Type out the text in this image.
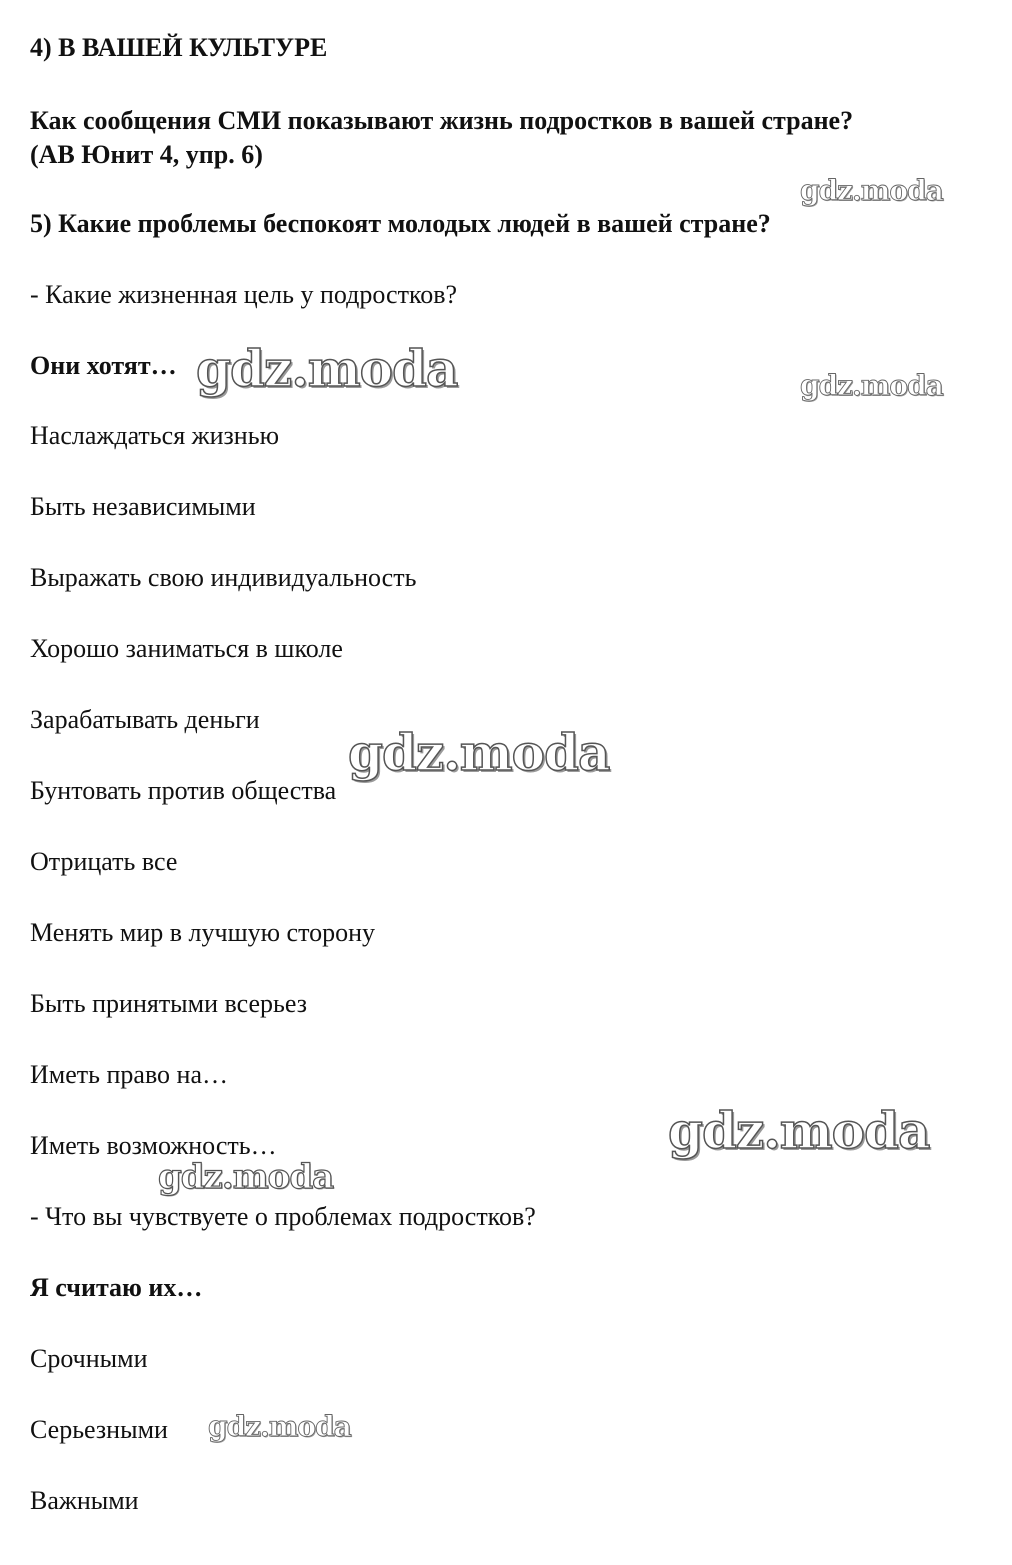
4) В ВАШЕЙ КУЛЬТУРЕ
Как сообщения СМИ показывают жизнь подростков в вашей стране?
(АВ Юнит 4, упр. 6)
5) Какие проблемы беспокоят молодых людей в вашей стране?
- Какие жизненная цель у подростков?
Они хотят…
Наслаждаться жизнью
Быть независимыми
Выражать свою индивидуальность
Хорошо заниматься в школе
Зарабатывать деньги
Бунтовать против общества
Отрицать все
Менять мир в лучшую сторону
Быть принятыми всерьез
Иметь право на…
Иметь возможность…
- Что вы чувствуете о проблемах подростков?
Я считаю их…
Срочными
Серьезными
Важными
gdz.moda
gdz.moda	gdz.moda
gdz.moda
gdz.moda
gdz.moda
gdz.moda
